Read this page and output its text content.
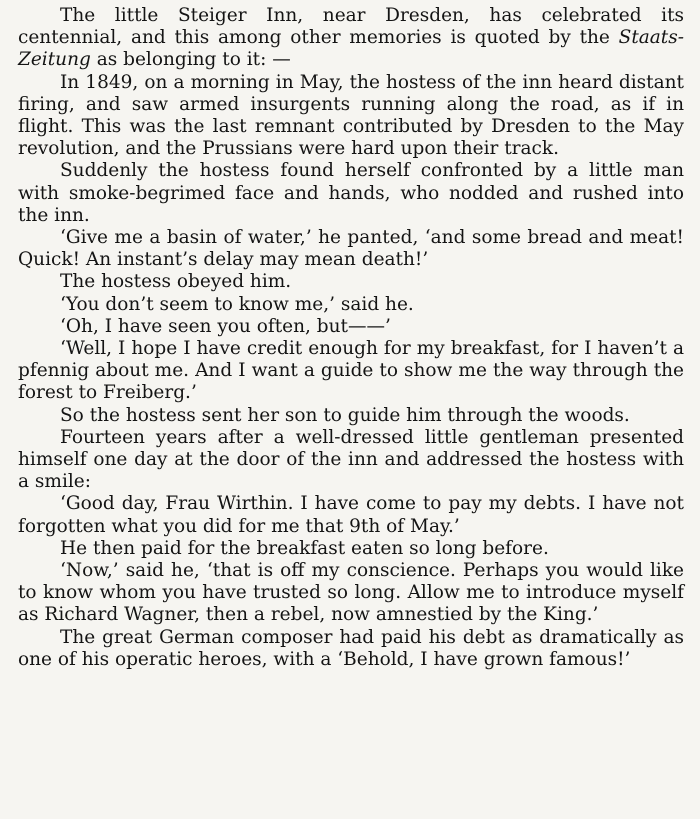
The little Steiger Inn, near Dresden, has celebrated its centennial, and this among other memories is quoted by the Staats-Zeitung as belonging to it: —

In 1849, on a morning in May, the hostess of the inn heard distant firing, and saw armed insurgents running along the road, as if in flight. This was the last remnant contributed by Dresden to the May revolution, and the Prussians were hard upon their track.

Suddenly the hostess found herself confronted by a little man with smoke-begrimed face and hands, who nodded and rushed into the inn.

‘Give me a basin of water,’ he panted, ‘and some bread and meat! Quick! An instant’s delay may mean death!’

The hostess obeyed him.

‘You don’t seem to know me,’ said he.

‘Oh, I have seen you often, but——’

‘Well, I hope I have credit enough for my breakfast, for I haven’t a pfennig about me. And I want a guide to show me the way through the forest to Freiberg.’

So the hostess sent her son to guide him through the woods.

Fourteen years after a well-dressed little gentleman presented himself one day at the door of the inn and addressed the hostess with a smile:

‘Good day, Frau Wirthin. I have come to pay my debts. I have not forgotten what you did for me that 9th of May.’

He then paid for the breakfast eaten so long before.

‘Now,’ said he, ‘that is off my conscience. Perhaps you would like to know whom you have trusted so long. Allow me to introduce myself as Richard Wagner, then a rebel, now amnestied by the King.’

The great German composer had paid his debt as dramatically as one of his operatic heroes, with a ‘Behold, I have grown famous!’
